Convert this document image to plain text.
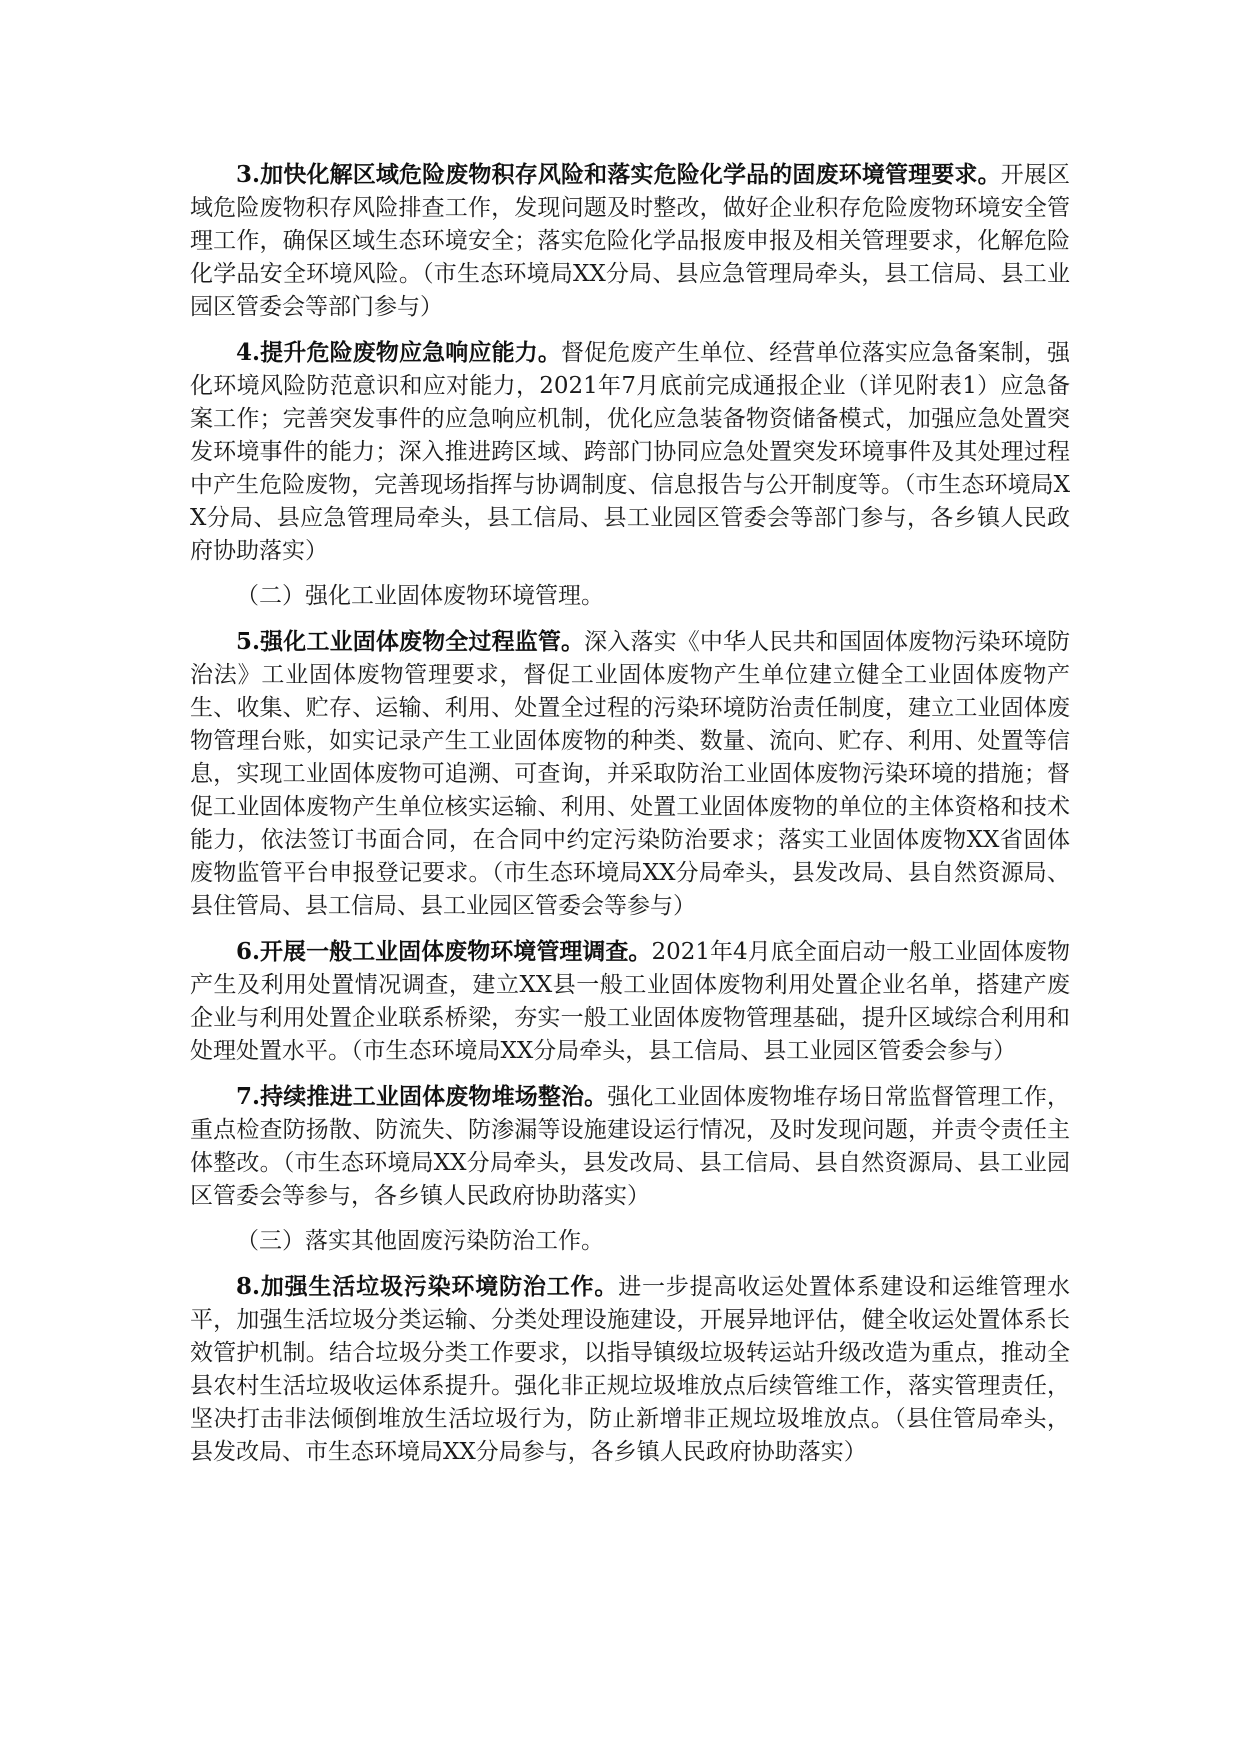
3.加快化解区域危险废物积存风险和落实危险化学品的固废环境管理要求。开展区域危险废物积存风险排查工作，发现问题及时整改，做好企业积存危险废物环境安全管理工作，确保区域生态环境安全；落实危险化学品报废申报及相关管理要求，化解危险化学品安全环境风险。（市生态环境局XX分局、县应急管理局牵头，县工信局、县工业园区管委会等部门参与）

4.提升危险废物应急响应能力。督促危废产生单位、经营单位落实应急备案制，强化环境风险防范意识和应对能力，2021年7月底前完成通报企业（详见附表1）应急备案工作；完善突发事件的应急响应机制，优化应急装备物资储备模式，加强应急处置突发环境事件的能力；深入推进跨区域、跨部门协同应急处置突发环境事件及其处理过程中产生危险废物，完善现场指挥与协调制度、信息报告与公开制度等。（市生态环境局XX分局、县应急管理局牵头，县工信局、县工业园区管委会等部门参与，各乡镇人民政府协助落实）

（二）强化工业固体废物环境管理。

5.强化工业固体废物全过程监管。深入落实《中华人民共和国固体废物污染环境防治法》工业固体废物管理要求，督促工业固体废物产生单位建立健全工业固体废物产生、收集、贮存、运输、利用、处置全过程的污染环境防治责任制度，建立工业固体废物管理台账，如实记录产生工业固体废物的种类、数量、流向、贮存、利用、处置等信息，实现工业固体废物可追溯、可查询，并采取防治工业固体废物污染环境的措施；督促工业固体废物产生单位核实运输、利用、处置工业固体废物的单位的主体资格和技术能力，依法签订书面合同，在合同中约定污染防治要求；落实工业固体废物XX省固体废物监管平台申报登记要求。（市生态环境局XX分局牵头，县发改局、县自然资源局、县住管局、县工信局、县工业园区管委会等参与）

6.开展一般工业固体废物环境管理调查。2021年4月底全面启动一般工业固体废物产生及利用处置情况调查，建立XX县一般工业固体废物利用处置企业名单，搭建产废企业与利用处置企业联系桥梁，夯实一般工业固体废物管理基础，提升区域综合利用和处理处置水平。（市生态环境局XX分局牵头，县工信局、县工业园区管委会参与）

7.持续推进工业固体废物堆场整治。强化工业固体废物堆存场日常监督管理工作，重点检查防扬散、防流失、防渗漏等设施建设运行情况，及时发现问题，并责令责任主体整改。（市生态环境局XX分局牵头，县发改局、县工信局、县自然资源局、县工业园区管委会等参与，各乡镇人民政府协助落实）

（三）落实其他固废污染防治工作。

8.加强生活垃圾污染环境防治工作。进一步提高收运处置体系建设和运维管理水平，加强生活垃圾分类运输、分类处理设施建设，开展异地评估，健全收运处置体系长效管护机制。结合垃圾分类工作要求，以指导镇级垃圾转运站升级改造为重点，推动全县农村生活垃圾收运体系提升。强化非正规垃圾堆放点后续管维工作，落实管理责任，坚决打击非法倾倒堆放生活垃圾行为，防止新增非正规垃圾堆放点。（县住管局牵头，县发改局、市生态环境局XX分局参与，各乡镇人民政府协助落实）
